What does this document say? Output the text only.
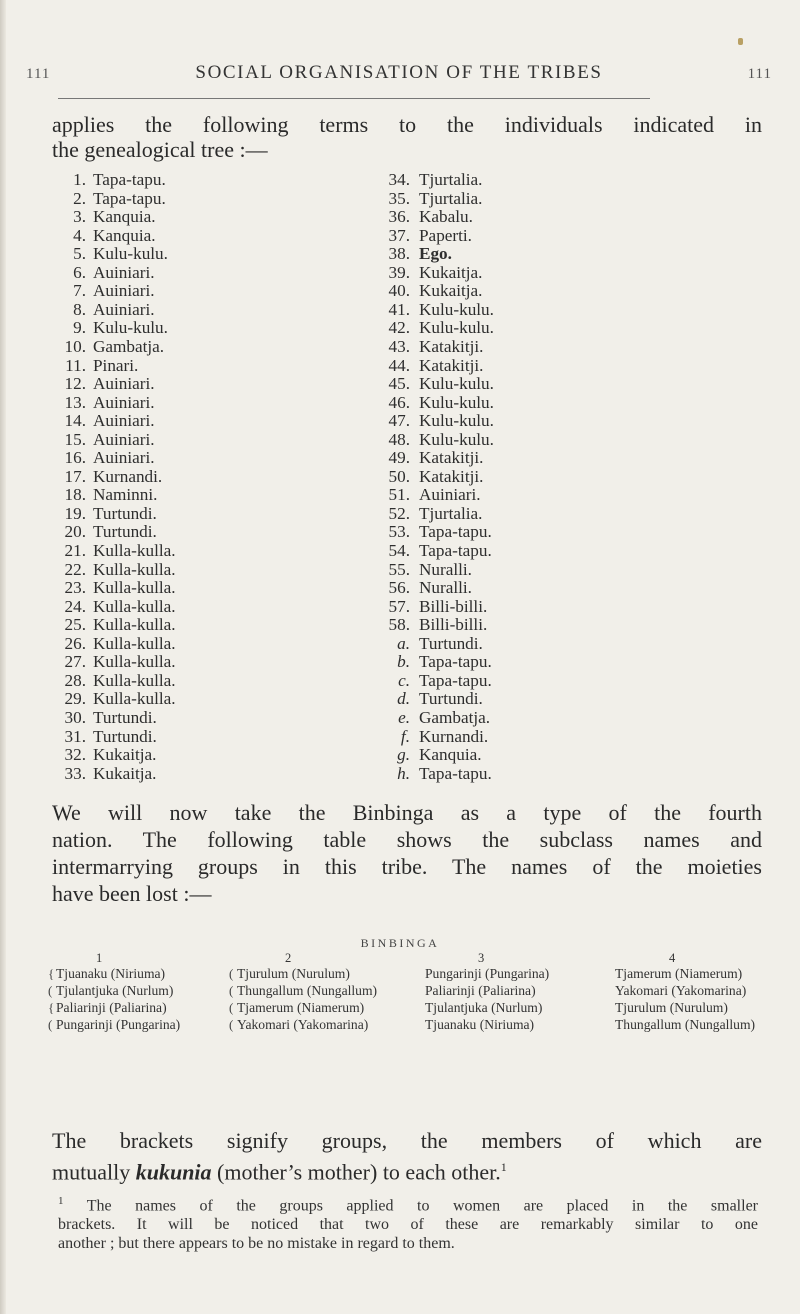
111	SOCIAL ORGANISATION OF THE TRIBES	111
applies the following terms to the individuals indicated in
the genealogical tree :—
1. Tapa-tapu.
2. Tapa-tapu.
3. Kanquia.
4. Kanquia.
5. Kulu-kulu.
6. Auiniari.
7. Auiniari.
8. Auiniari.
9. Kulu-kulu.
10. Gambatja.
11. Pinari.
12. Auiniari.
13. Auiniari.
14. Auiniari.
15. Auiniari.
16. Auiniari.
17. Kurnandi.
18. Naminni.
19. Turtundi.
20. Turtundi.
21. Kulla-kulla.
22. Kulla-kulla.
23. Kulla-kulla.
24. Kulla-kulla.
25. Kulla-kulla.
26. Kulla-kulla.
27. Kulla-kulla.
28. Kulla-kulla.
29. Kulla-kulla.
30. Turtundi.
31. Turtundi.
32. Kukaitja.
33. Kukaitja.
34. Tjurtalia.
35. Tjurtalia.
36. Kabalu.
37. Paperti.
38. Ego.
39. Kukaitja.
40. Kukaitja.
41. Kulu-kulu.
42. Kulu-kulu.
43. Katakitji.
44. Katakitji.
45. Kulu-kulu.
46. Kulu-kulu.
47. Kulu-kulu.
48. Kulu-kulu.
49. Katakitji.
50. Katakitji.
51. Auiniari.
52. Tjurtalia.
53. Tapa-tapu.
54. Tapa-tapu.
55. Nuralli.
56. Nuralli.
57. Billi-billi.
58. Billi-billi.
a. Turtundi.
b. Tapa-tapu.
c. Tapa-tapu.
d. Turtundi.
e. Gambatja.
f. Kurnandi.
g. Kanquia.
h. Tapa-tapu.
We will now take the Binbinga as a type of the fourth
nation. The following table shows the subclass names and
intermarrying groups in this tribe. The names of the moieties
have been lost :—
BINBINGA
1
{
(
{
(
Tjuanaku (Niriuma)
Tjulantjuka (Nurlum)
Paliarinji (Paliarina)
Pungarinji (Pungarina)
2
(
(
(
(
Tjurulum (Nurulum)
Thungallum (Nungallum)
Tjamerum (Niamerum)
Yakomari (Yakomarina)
3
Pungarinji (Pungarina)
Paliarinji (Paliarina)
Tjulantjuka (Nurlum)
Tjuanaku (Niriuma)
4
Tjamerum (Niamerum)
Yakomari (Yakomarina)
Tjurulum (Nurulum)
Thungallum (Nungallum)
The brackets signify groups, the members of which are
mutually kukunia (mother’s mother) to each other.$^1$
$^1$ The names of the groups applied to women are placed in the smaller
brackets. It will be noticed that two of these are remarkably similar to one
another ; but there appears to be no mistake in regard to them.
